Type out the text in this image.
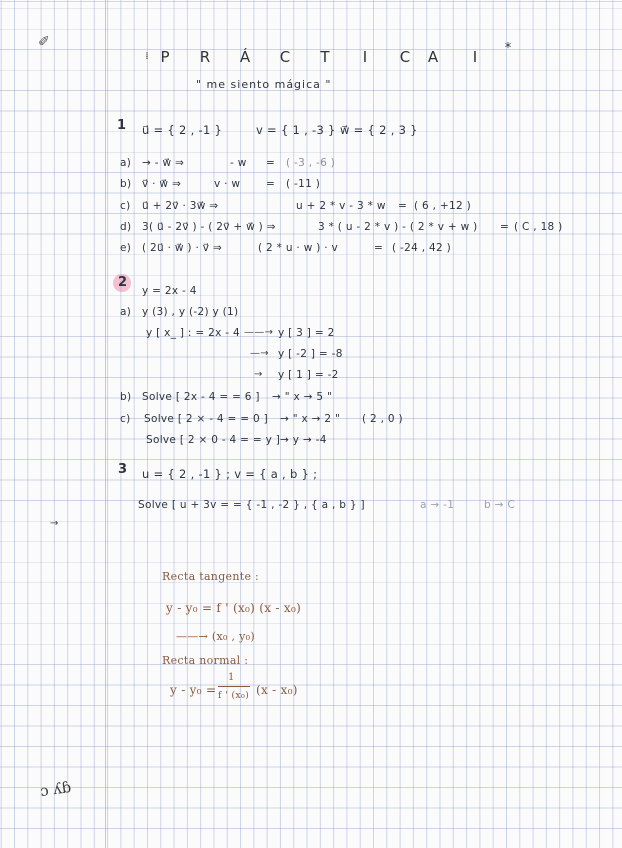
✐
⁞ P	R	Á	C	T	I	C	A	I	*
" me siento mágica "
1 u⃗ = { 2 , -1 }	v = { 1 , -3 } w⃗ = { 2 , 3 }
a) → - w⃗ ⇒	- w = ( -3 , -6 )
b) v⃗ · w⃗ ⇒	v · w = ( -11 )
c) u⃗ + 2v⃗ · 3w⃗ ⇒	u + 2 * v - 3 * w = ( 6 , +12 )
d) 3( u⃗ - 2v⃗ ) - ( 2v⃗ + w⃗ ) ⇒	3 * ( u - 2 * v ) - ( 2 * v + w ) = ( C , 18 )
e) ( 2u⃗ · w⃗ ) · v⃗ ⇒	( 2 * u · w ) · v	= ( -24 , 42 )
2
y = 2x - 4
a) y (3) , y (-2) y (1)
y [ x_ ] : = 2x - 4 ——→ y [ 3 ] = 2
—→ y [ -2 ] = -8
→ y [ 1 ] = -2
b) Solve [ 2x - 4 = = 6 ] → " x → 5 "
c) Solve [ 2 × - 4 = = 0 ] → " x → 2 " ( 2 , 0 )
Solve [ 2 × 0 - 4 = = y ] → y → -4
3 u = { 2 , -1 } ; v = { a , b } ;
Solve [ u + 3v = = { -1 , -2 } , { a , b } ]	a → -1	b → C
→
Recta tangente :
y - y₀ = f ' (x₀) (x - x₀)
——→ (x₀ , y₀)
Recta normal :
y - y₀ =
1
f ' (x₀) (x - x₀)
ɔ ʎɓ
